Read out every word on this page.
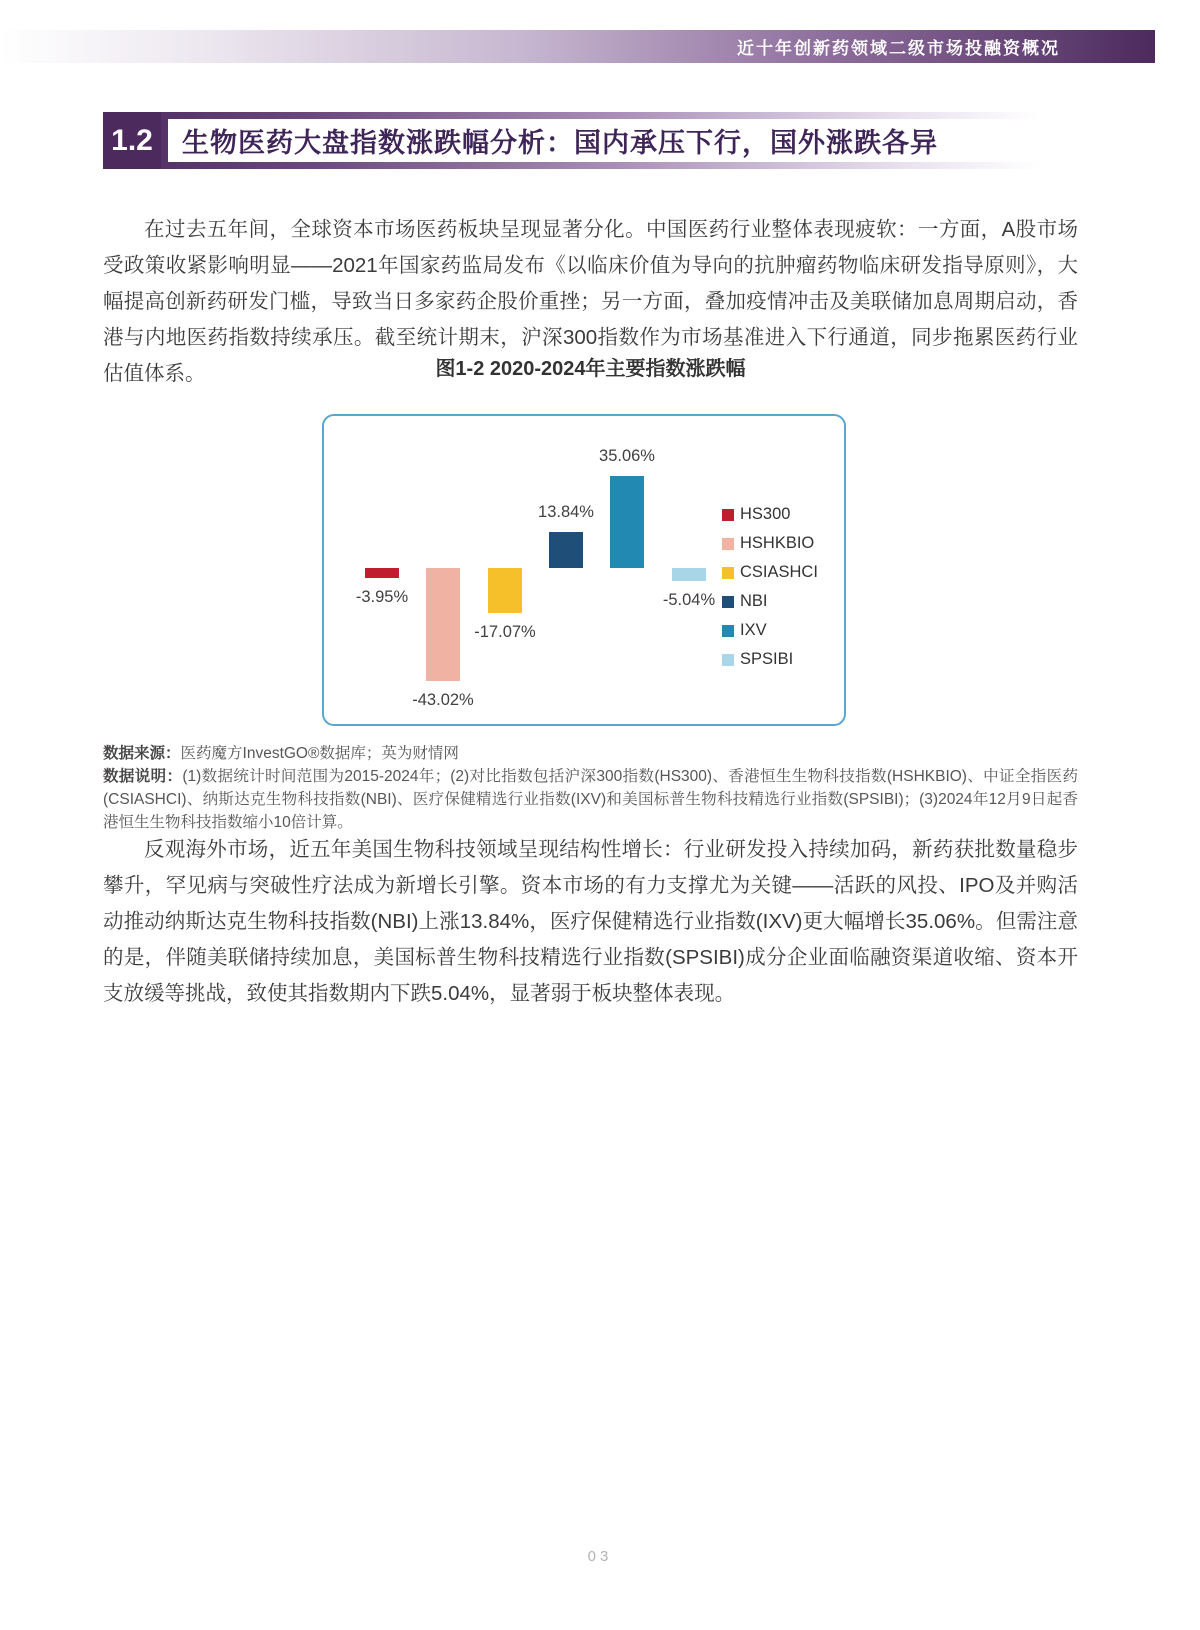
近十年创新药领域二级市场投融资概况
1.2	生物医药大盘指数涨跌幅分析：国内承压下行，国外涨跌各异

在过去五年间，全球资本市场医药板块呈现显著分化。中国医药行业整体表现疲软：一方面，A股市场受政策收紧影响明显——2021年国家药监局发布《以临床价值为导向的抗肿瘤药物临床研发指导原则》，大幅提高创新药研发门槛，导致当日多家药企股价重挫；另一方面，叠加疫情冲击及美联储加息周期启动，香港与内地医药指数持续承压。截至统计期末，沪深300指数作为市场基准进入下行通道，同步拖累医药行业估值体系。	图1-2 2020-2024年主要指数涨跌幅
-3.95%
-43.02%
-17.07%
13.84%
35.06%
-5.04%
HS300
HSHKBIO
CSIASHCI
NBI
IXV
SPSIBI

数据来源：医药魔方InvestGO®数据库；英为财情网

数据说明：(1)数据统计时间范围为2015-2024年；(2)对比指数包括沪深300指数(HS300)、香港恒生生物科技指数(HSHKBIO)、中证全指医药(CSIASHCI)、纳斯达克生物科技指数(NBI)、医疗保健精选行业指数(IXV)和美国标普生物科技精选行业指数(SPSIBI)；(3)2024年12月9日起香港恒生生物科技指数缩小10倍计算。

反观海外市场，近五年美国生物科技领域呈现结构性增长：行业研发投入持续加码，新药获批数量稳步攀升，罕见病与突破性疗法成为新增长引擎。资本市场的有力支撑尤为关键——活跃的风投、IPO及并购活动推动纳斯达克生物科技指数(NBI)上涨13.84%，医疗保健精选行业指数(IXV)更大幅增长35.06%。但需注意的是，伴随美联储持续加息，美国标普生物科技精选行业指数(SPSIBI)成分企业面临融资渠道收缩、资本开支放缓等挑战，致使其指数期内下跌5.04%，显著弱于板块整体表现。

03
